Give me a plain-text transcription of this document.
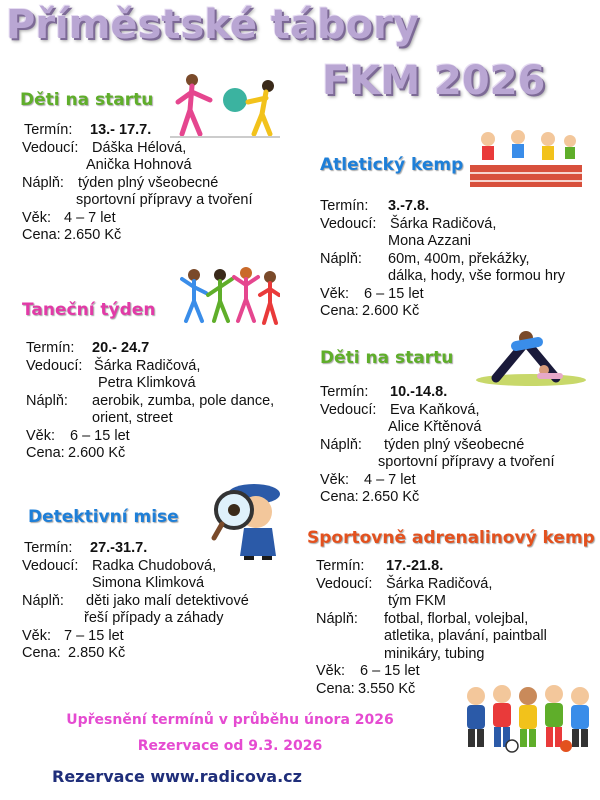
Příměstské tábory
FKM 2026
Děti na startu
Termín: 13.- 17.7.
Vedoucí: Dáška Hélová,
Anička Hohnová
Náplň: týden plný všeobecné
sportovní přípravy a tvoření
Věk: 4 – 7 let
Cena: 2.650 Kč
Atletický kemp
Termín: 3.-7.8.
Vedoucí: Šárka Radičová,
Mona Azzani
Náplň: 60m, 400m, překážky,
dálka, hody, vše formou hry
Věk: 6 – 15 let
Cena: 2.600 Kč
Taneční týden
Termín: 20.- 24.7
Vedoucí: Šárka Radičová,
Petra Klimková
Náplň: aerobik, zumba, pole dance,
orient, street
Věk: 6 – 15 let
Cena: 2.600 Kč
Děti na startu
Termín: 10.-14.8.
Vedoucí: Eva Kaňková,
Alice Křtěnová
Náplň: týden plný všeobecné
sportovní přípravy a tvoření
Věk: 4 – 7 let
Cena: 2.650 Kč
Detektivní mise
Termín: 27.-31.7.
Vedoucí: Radka Chudobová,
Simona Klimková
Náplň: děti jako malí detektivové
řeší případy a záhady
Věk: 7 – 15 let
Cena: 2.850 Kč
Sportovně adrenalinový kemp
Termín: 17.-21.8.
Vedoucí: Šárka Radičová,
tým FKM
Náplň: fotbal, florbal, volejbal,
atletika, plavání, paintball
minikáry, tubing
Věk: 6 – 15 let
Cena: 3.550 Kč
Upřesnění termínů v průběhu února 2026
Rezervace od 9.3. 2026
Rezervace www.radicova.cz
